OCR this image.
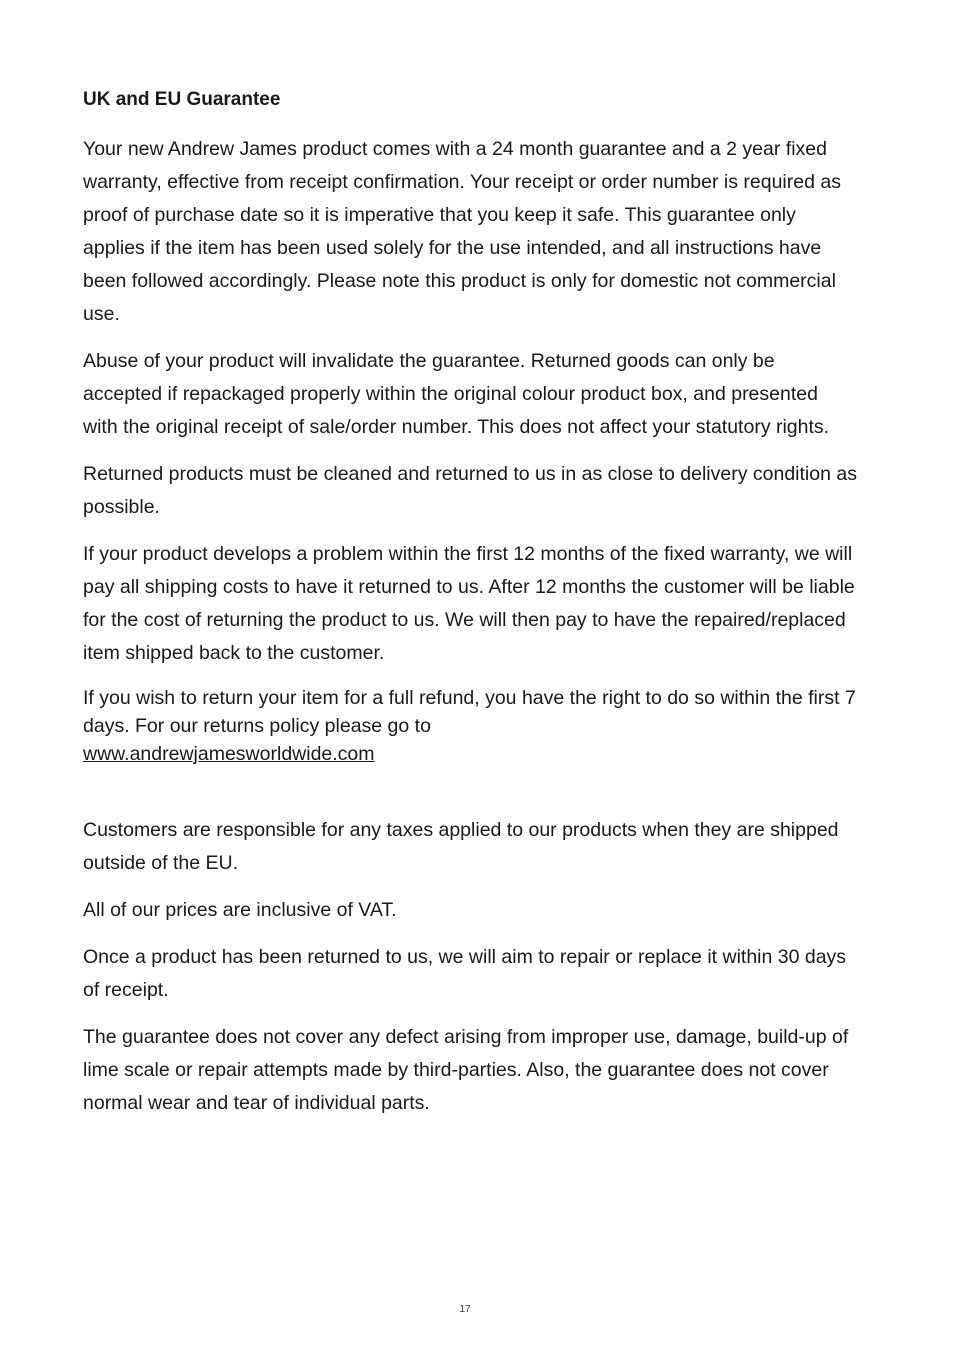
UK and EU Guarantee

Your new Andrew James product comes with a 24 month guarantee and a 2 year fixed warranty, effective from receipt confirmation. Your receipt or order number is required as proof of purchase date so it is imperative that you keep it safe. This guarantee only applies if the item has been used solely for the use intended, and all instructions have been followed accordingly. Please note this product is only for domestic not commercial use.

Abuse of your product will invalidate the guarantee. Returned goods can only be accepted if repackaged properly within the original colour product box, and presented with the original receipt of sale/order number. This does not affect your statutory rights.

Returned products must be cleaned and returned to us in as close to delivery condition as possible.

If your product develops a problem within the first 12 months of the fixed warranty, we will pay all shipping costs to have it returned to us. After 12 months the customer will be liable for the cost of returning the product to us. We will then pay to have the repaired/replaced item shipped back to the customer.

If you wish to return your item for a full refund, you have the right to do so within the first 7 days. For our returns policy please go to
www.andrewjamesworldwide.com

Customers are responsible for any taxes applied to our products when they are shipped outside of the EU.

All of our prices are inclusive of VAT.

Once a product has been returned to us, we will aim to repair or replace it within 30 days of receipt.

The guarantee does not cover any defect arising from improper use, damage, build-up of lime scale or repair attempts made by third-parties. Also, the guarantee does not cover normal wear and tear of individual parts.

17
